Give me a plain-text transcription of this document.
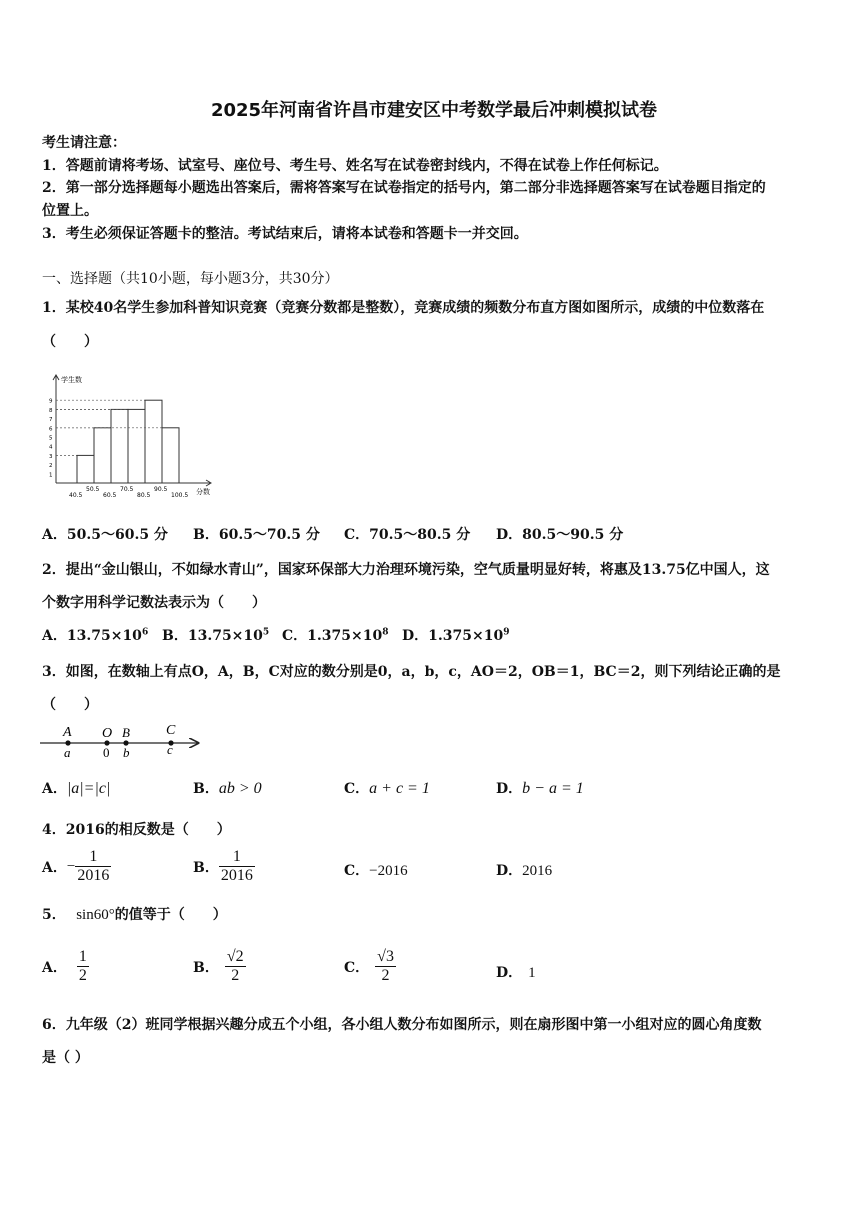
2025年河南省许昌市建安区中考数学最后冲刺模拟试卷
考生请注意：
1．答题前请将考场、试室号、座位号、考生号、姓名写在试卷密封线内，不得在试卷上作任何标记。
2．第一部分选择题每小题选出答案后，需将答案写在试卷指定的括号内，第二部分非选择题答案写在试卷题目指定的
位置上。
3．考生必须保证答题卡的整洁。考试结束后，请将本试卷和答题卡一并交回。
一、选择题（共10小题，每小题3分，共30分）
1．某校40名学生参加科普知识竞赛（竞赛分数都是整数），竞赛成绩的频数分布直方图如图所示，成绩的中位数落在
（　　）
学生数
分数
1
2
3
4
5
6
7
8
9
40.5
50.5
60.5
70.5
80.5
90.5
100.5
A．50.5～60.5 分 B．60.5～70.5 分 C．70.5～80.5 分 D．80.5～90.5 分
2．提出“金山银山，不如绿水青山”，国家环保部大力治理环境污染，空气质量明显好转，将惠及13.75亿中国人，这
个数字用科学记数法表示为（　　）
A．$13.75\times 10^6$ B．$13.75\times 10^5$ C．$1.375\times 10^8$ D．$1.375\times 10^9$
3．如图，在数轴上有点O，A，B，C对应的数分别是0，a，b，c，AO＝2，OB＝1，BC＝2，则下列结论正确的是
（　　）
A O B	C
a	0 b	c
A．|a|=|c|	B．ab > 0	C．a + c = 1	D．b − a = 1
4．2016的相反数是（　　）
A．− $\frac{1}{2016}$	B． $\frac{1}{2016}$	C．−2016	D．2016
5． sin60°的值等于（　　）
A． $\frac{1}{2}$	B． $\frac{√2}{2}$	C． $\frac{√3}{2}$	D． 1
6．九年级（2）班同学根据兴趣分成五个小组，各小组人数分布如图所示，则在扇形图中第一小组对应的圆心角度数
是（ ）
